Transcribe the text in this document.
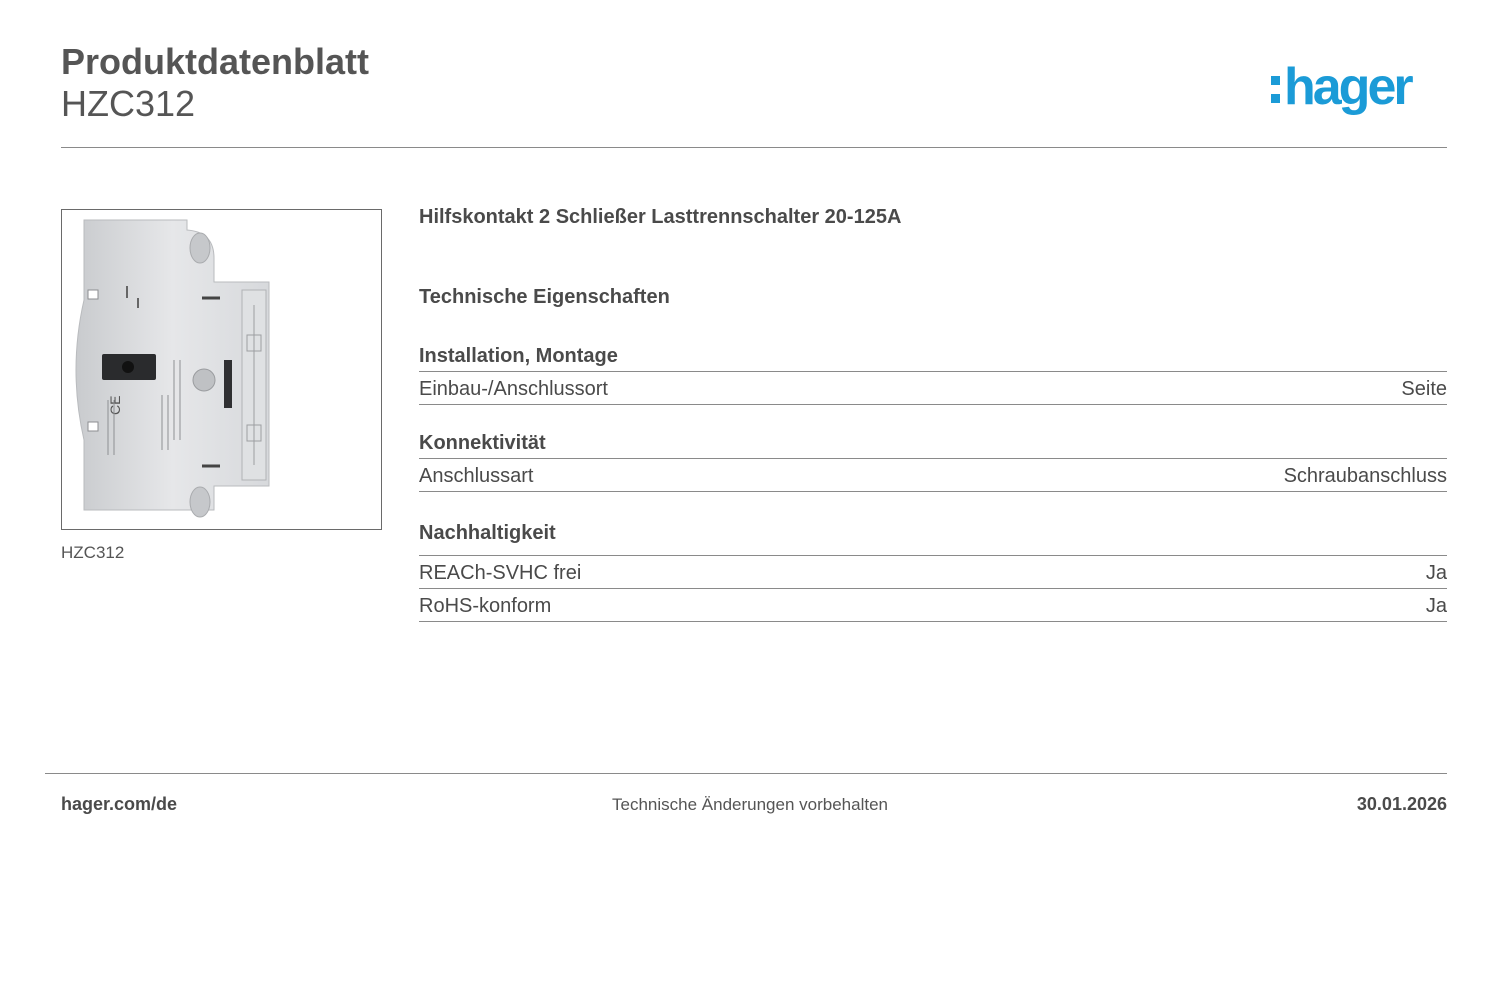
Produktdatenblatt
HZC312	hager
CE
HZC312
Hilfskontakt 2 Schließer Lasttrennschalter 20-125A
Technische Eigenschaften
Installation, Montage
Einbau-/Anschlussort	Seite
Konnektivität
Anschlussart	Schraubanschluss
Nachhaltigkeit
REACh-SVHC frei	Ja
RoHS-konform	Ja
hager.com/de	Technische Änderungen vorbehalten	30.01.2026
